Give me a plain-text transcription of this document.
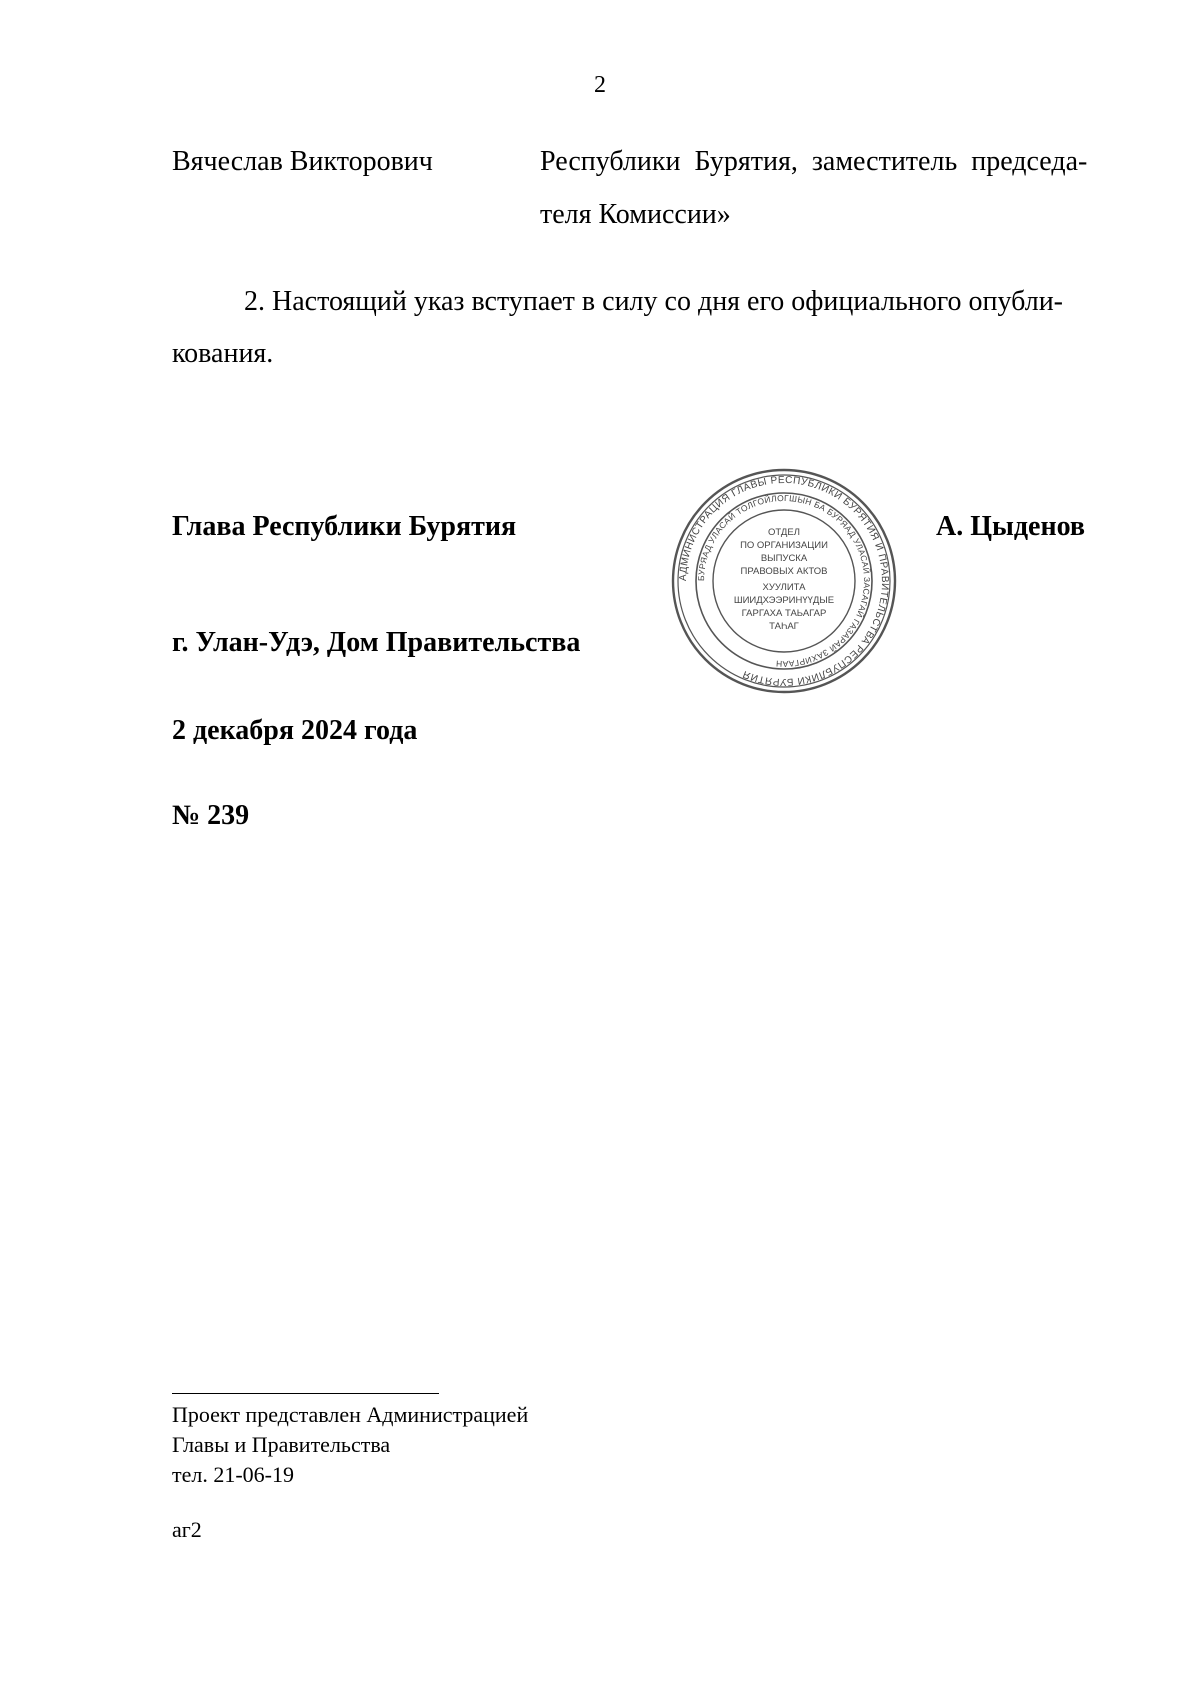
2
Вячеслав Викторович	Республики  Бурятия,  заместитель  председа-
теля Комиссии»
2. Настоящий указ вступает в силу со дня его официального опубли-
кования.
Глава Республики Бурятия	А. Цыденов
АДМИНИСТРАЦИЯ ГЛАВЫ РЕСПУБЛИКИ БУРЯТИЯ И ПРАВИТЕЛЬСТВА РЕСПУБЛИКИ БУРЯТИЯ
БУРЯАД УЛАСАЙ ТОЛГОЙЛОГШЫН БА БУРЯАД УЛАСАЙ ЗАСАГАЙ ГАЗАРАЙ ЗАХИРГААН
ОТДЕЛ
ПО ОРГАНИЗАЦИИ
ВЫПУСКА
ПРАВОВЫХ АКТОВ
ХУУЛИТА
ШИИДХЭЭРИНҮҮДЫЕ
ГАРГАХА ТАЬАГАР
ТАҺАГ
г. Улан-Удэ, Дом Правительства
2 декабря 2024 года
№ 239
Проект представлен Администрацией
Главы и Правительства
тел. 21-06-19
аг2
